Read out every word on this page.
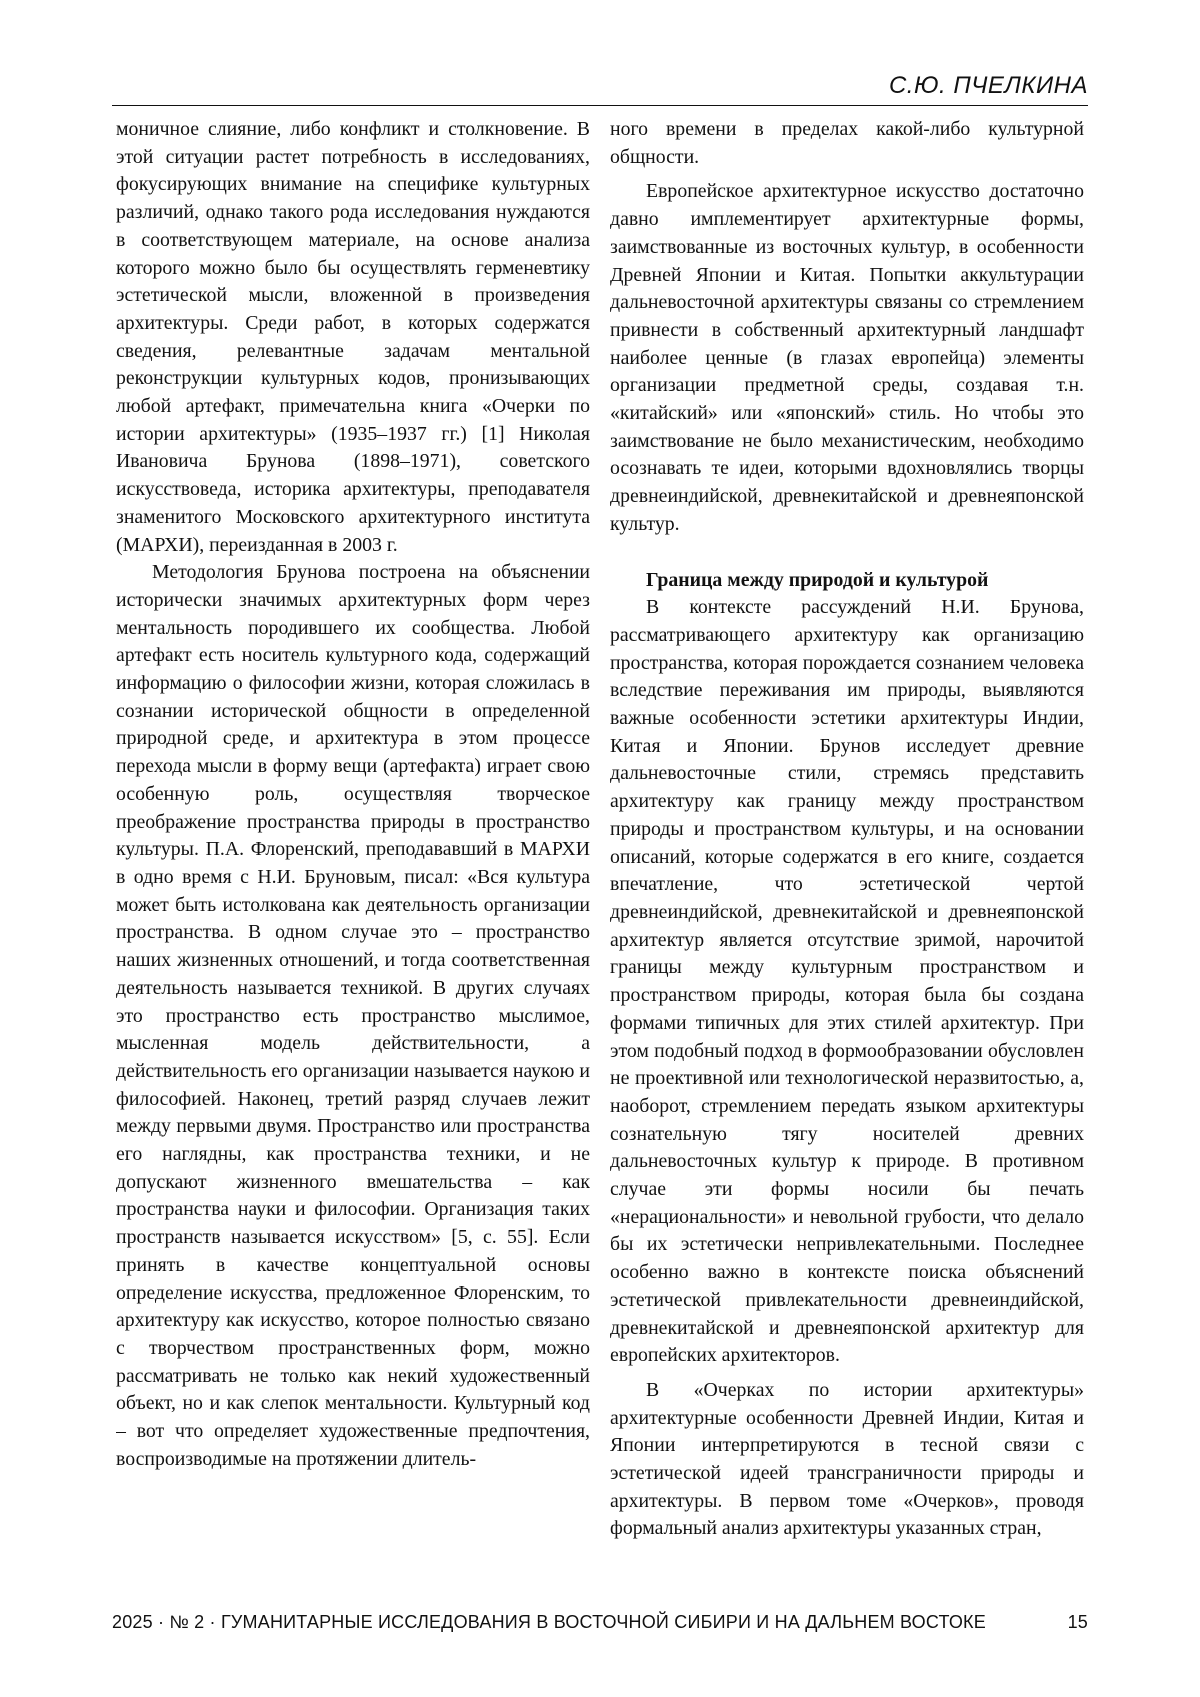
С.Ю. ПЧЕЛКИНА

моничное слияние, либо конфликт и столкновение. В этой ситуации растет потребность в исследованиях, фокусирующих внимание на специфике культурных различий, однако такого рода исследования нуждаются в соответствующем материале, на основе анализа которого можно было бы осуществлять герменевтику эстетической мысли, вложенной в произведения архитектуры. Среди работ, в которых содержатся сведения, релевантные задачам ментальной реконструкции культурных кодов, пронизывающих любой артефакт, примечательна книга «Очерки по истории архитектуры» (1935–1937 гг.) [1] Николая Ивановича Брунова (1898–1971), советского искусствоведа, историка архитектуры, преподавателя знаменитого Московского архитектурного института (МАРХИ), переизданная в 2003 г.

Методология Брунова построена на объяснении исторически значимых архитектурных форм через ментальность породившего их сообщества. Любой артефакт есть носитель культурного кода, содержащий информацию о философии жизни, которая сложилась в сознании исторической общности в определенной природной среде, и архитектура в этом процессе перехода мысли в форму вещи (артефакта) играет свою особенную роль, осуществляя творческое преображение пространства природы в пространство культуры. П.А. Флоренский, преподававший в МАРХИ в одно время с Н.И. Бруновым, писал: «Вся культура может быть истолкована как деятельность организации пространства. В одном случае это – пространство наших жизненных отношений, и тогда соответственная деятельность называется техникой. В других случаях это пространство есть пространство мыслимое, мысленная модель действительности, а действительность его организации называется наукою и философией. Наконец, третий разряд случаев лежит между первыми двумя. Пространство или пространства его наглядны, как пространства техники, и не допускают жизненного вмешательства – как пространства науки и философии. Организация таких пространств называется искусством» [5, с. 55]. Если принять в качестве концептуальной основы определение искусства, предложенное Флоренским, то архитектуру как искусство, которое полностью связано с творчеством пространственных форм, можно рассматривать не только как некий художественный объект, но и как слепок ментальности. Культурный код – вот что определяет художественные предпочтения, воспроизводимые на протяжении длитель-

ного времени в пределах какой-либо культурной общности.

Европейское архитектурное искусство достаточно давно имплементирует архитектурные формы, заимствованные из восточных культур, в особенности Древней Японии и Китая. Попытки аккультурации дальневосточной архитектуры связаны со стремлением привнести в собственный архитектурный ландшафт наиболее ценные (в глазах европейца) элементы организации предметной среды, создавая т.н. «китайский» или «японский» стиль. Но чтобы это заимствование не было механистическим, необходимо осознавать те идеи, которыми вдохновлялись творцы древнеиндийской, древнекитайской и древнеяпонской культур.

Граница между природой и культурой

В контексте рассуждений Н.И. Брунова, рассматривающего архитектуру как организацию пространства, которая порождается сознанием человека вследствие переживания им природы, выявляются важные особенности эстетики архитектуры Индии, Китая и Японии. Брунов исследует древние дальневосточные стили, стремясь представить архитектуру как границу между пространством природы и пространством культуры, и на основании описаний, которые содержатся в его книге, создается впечатление, что эстетической чертой древнеиндийской, древнекитайской и древнеяпонской архитектур является отсутствие зримой, нарочитой границы между культурным пространством и пространством природы, которая была бы создана формами типичных для этих стилей архитектур. При этом подобный подход в формообразовании обусловлен не проективной или технологической неразвитостью, а, наоборот, стремлением передать языком архитектуры сознательную тягу носителей древних дальневосточных культур к природе. В противном случае эти формы носили бы печать «нерациональности» и невольной грубости, что делало бы их эстетически непривлекательными. Последнее особенно важно в контексте поиска объяснений эстетической привлекательности древнеиндийской, древнекитайской и древнеяпонской архитектур для европейских архитекторов.

В «Очерках по истории архитектуры» архитектурные особенности Древней Индии, Китая и Японии интерпретируются в тесной связи с эстетической идеей трансграничности природы и архитектуры. В первом томе «Очерков», проводя формальный анализ архитектуры указанных стран,

2025 · № 2 · ГУМАНИТАРНЫЕ ИССЛЕДОВАНИЯ В ВОСТОЧНОЙ СИБИРИ И НА ДАЛЬНЕМ ВОСТОКЕ	15
